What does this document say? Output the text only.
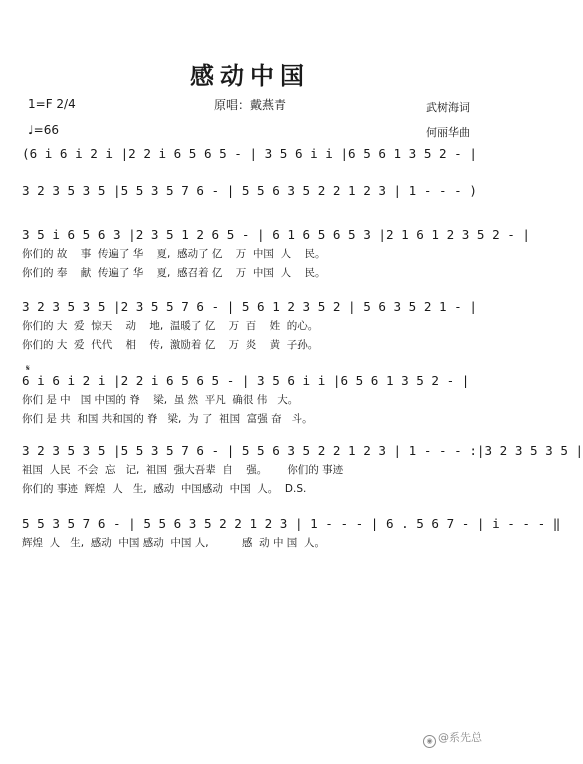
感动中国
原唱：戴燕青
1=F 2/4
♩=66
武树海词
何丽华曲
(6 i 6 i 2 i |2 2 i 6 5 6 5 - | 3 5 6 i i |6 5 6 1 3 5 2 - |
3 2 3 5 3 5 |5 5 3 5 7 6 - | 5 5 6 3 5 2 2 1 2 3 | 1 - - - )
3 5 i 6 5 6 3 |2 3 5 1 2 6 5 - | 6 1 6 5 6 5 3 |2 1 6 1 2 3 5 2 - |
你们的 故    事  传遍了 华    夏,  感动了 亿    万  中国  人    民。
你们的 奉    献  传遍了 华    夏,  感召着 亿    万  中国  人    民。
3 2 3 5 3 5 |2 3 5 5 7 6 - | 5 6 1 2 3 5 2 | 5 6 3 5 2 1 - |
你们的 大  爱  惊天    动    地,  温暖了 亿    万  百    姓  的心。
你们的 大  爱  代代    相    传,  激励着 亿    万  炎    黄  子孙。
𝄋
6 i 6 i 2 i |2 2 i 6 5 6 5 - | 3 5 6 i i |6 5 6 1 3 5 2 - |
你们 是 中   国 中国的 脊    梁,  虽 然  平凡  确很 伟   大。
你们 是 共  和国 共和国的 脊   梁,  为 了  祖国  富强 奋   斗。
3 2 3 5 3 5 |5 5 3 5 7 6 - | 5 5 6 3 5 2 2 1 2 3 | 1 - - - :|3 2 3 5 3 5 |
祖国  人民  不会  忘   记,  祖国  强大吾辈  自    强。      你们的 事迹
你们的 事迹  辉煌  人   生,  感动  中国感动  中国  人。  D.S.
5 5 3 5 7 6 - | 5 5 6 3 5 2 2 1 2 3 | 1 - - - | 6 . 5 6 7 - | i - - - ‖
辉煌  人   生,  感动  中国 感动  中国 人,          感  动 中 国  人。
◉ @系先总
